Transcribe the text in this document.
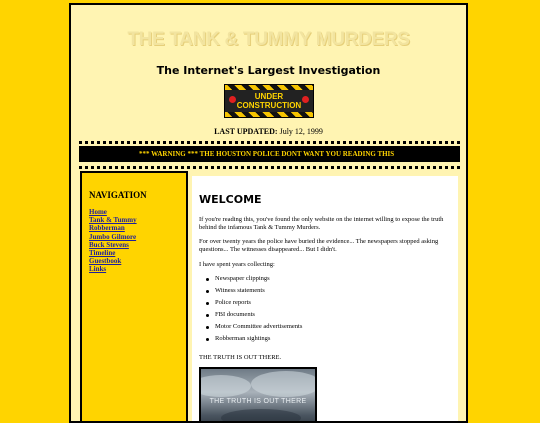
THE TANK & TUMMY MURDERS
The Internet's Largest Investigation
UNDER
CONSTRUCTION
LAST UPDATED: July 12, 1999
*** WARNING *** THE HOUSTON POLICE DONT WANT YOU READING THIS
NAVIGATION
Home
Tank & Tummy
Robberman
Jumbo Gilmore
Buck Stevens
Timeline
Guestbook
Links
WELCOME
If you're reading this, you've found the only website on the internet willing to expose the truth behind the infamous Tank & Tummy Murders.
For over twenty years the police have buried the evidence... The newspapers stopped asking questions... The witnesses disappeared... But I didn't.
I have spent years collecting:
Newspaper clippings
Witness statements
Police reports
FBI documents
Motor Committee advertisements
Robberman sightings
THE TRUTH IS OUT THERE.
THE TRUTH IS OUT THERE
